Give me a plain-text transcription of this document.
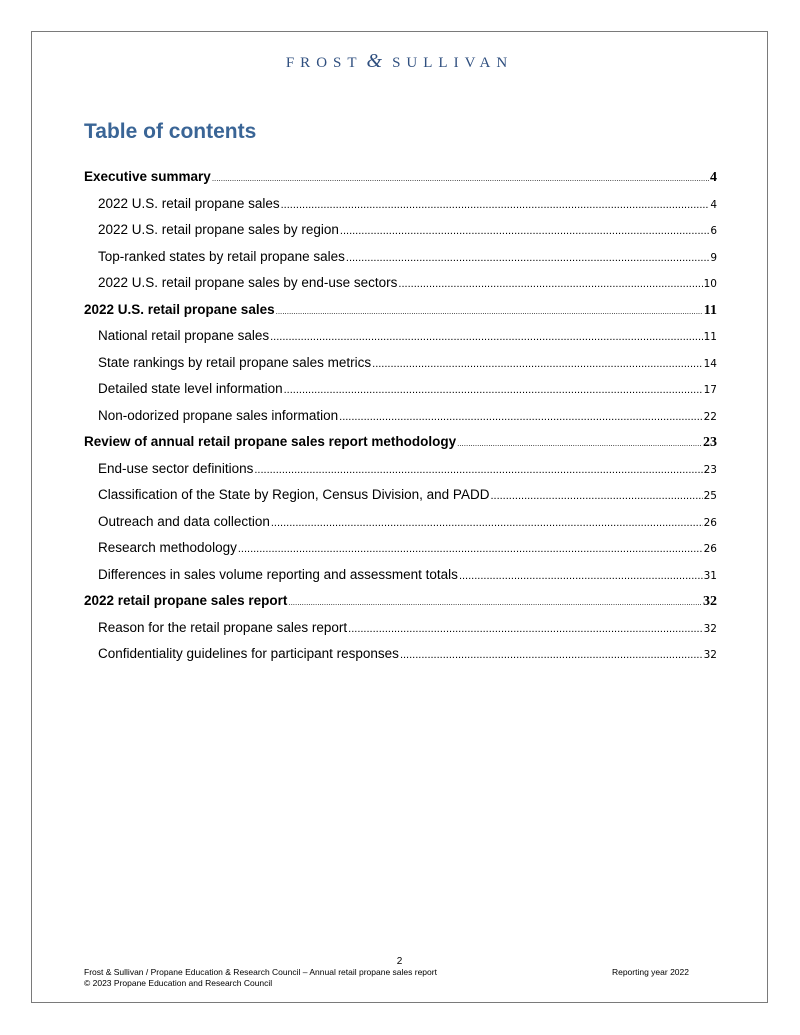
FROST & SULLIVAN
Table of contents
Executive summary .....	4
2022 U.S. retail propane sales .....	4
2022 U.S. retail propane sales by region .....	6
Top-ranked states by retail propane sales .....	9
2022 U.S. retail propane sales by end-use sectors .....	10
2022 U.S. retail propane sales .....	11
National retail propane sales .....	11
State rankings by retail propane sales metrics .....	14
Detailed state level information .....	17
Non-odorized propane sales information .....	22
Review of annual retail propane sales report methodology .....	23
End-use sector definitions .....	23
Classification of the State by Region, Census Division, and PADD .....	25
Outreach and data collection .....	26
Research methodology .....	26
Differences in sales volume reporting and assessment totals .....	31
2022 retail propane sales report .....	32
Reason for the retail propane sales report .....	32
Confidentiality guidelines for participant responses .....	32
2
Frost & Sullivan / Propane Education & Research Council – Annual retail propane sales report	Reporting year 2022
© 2023 Propane Education and Research Council
